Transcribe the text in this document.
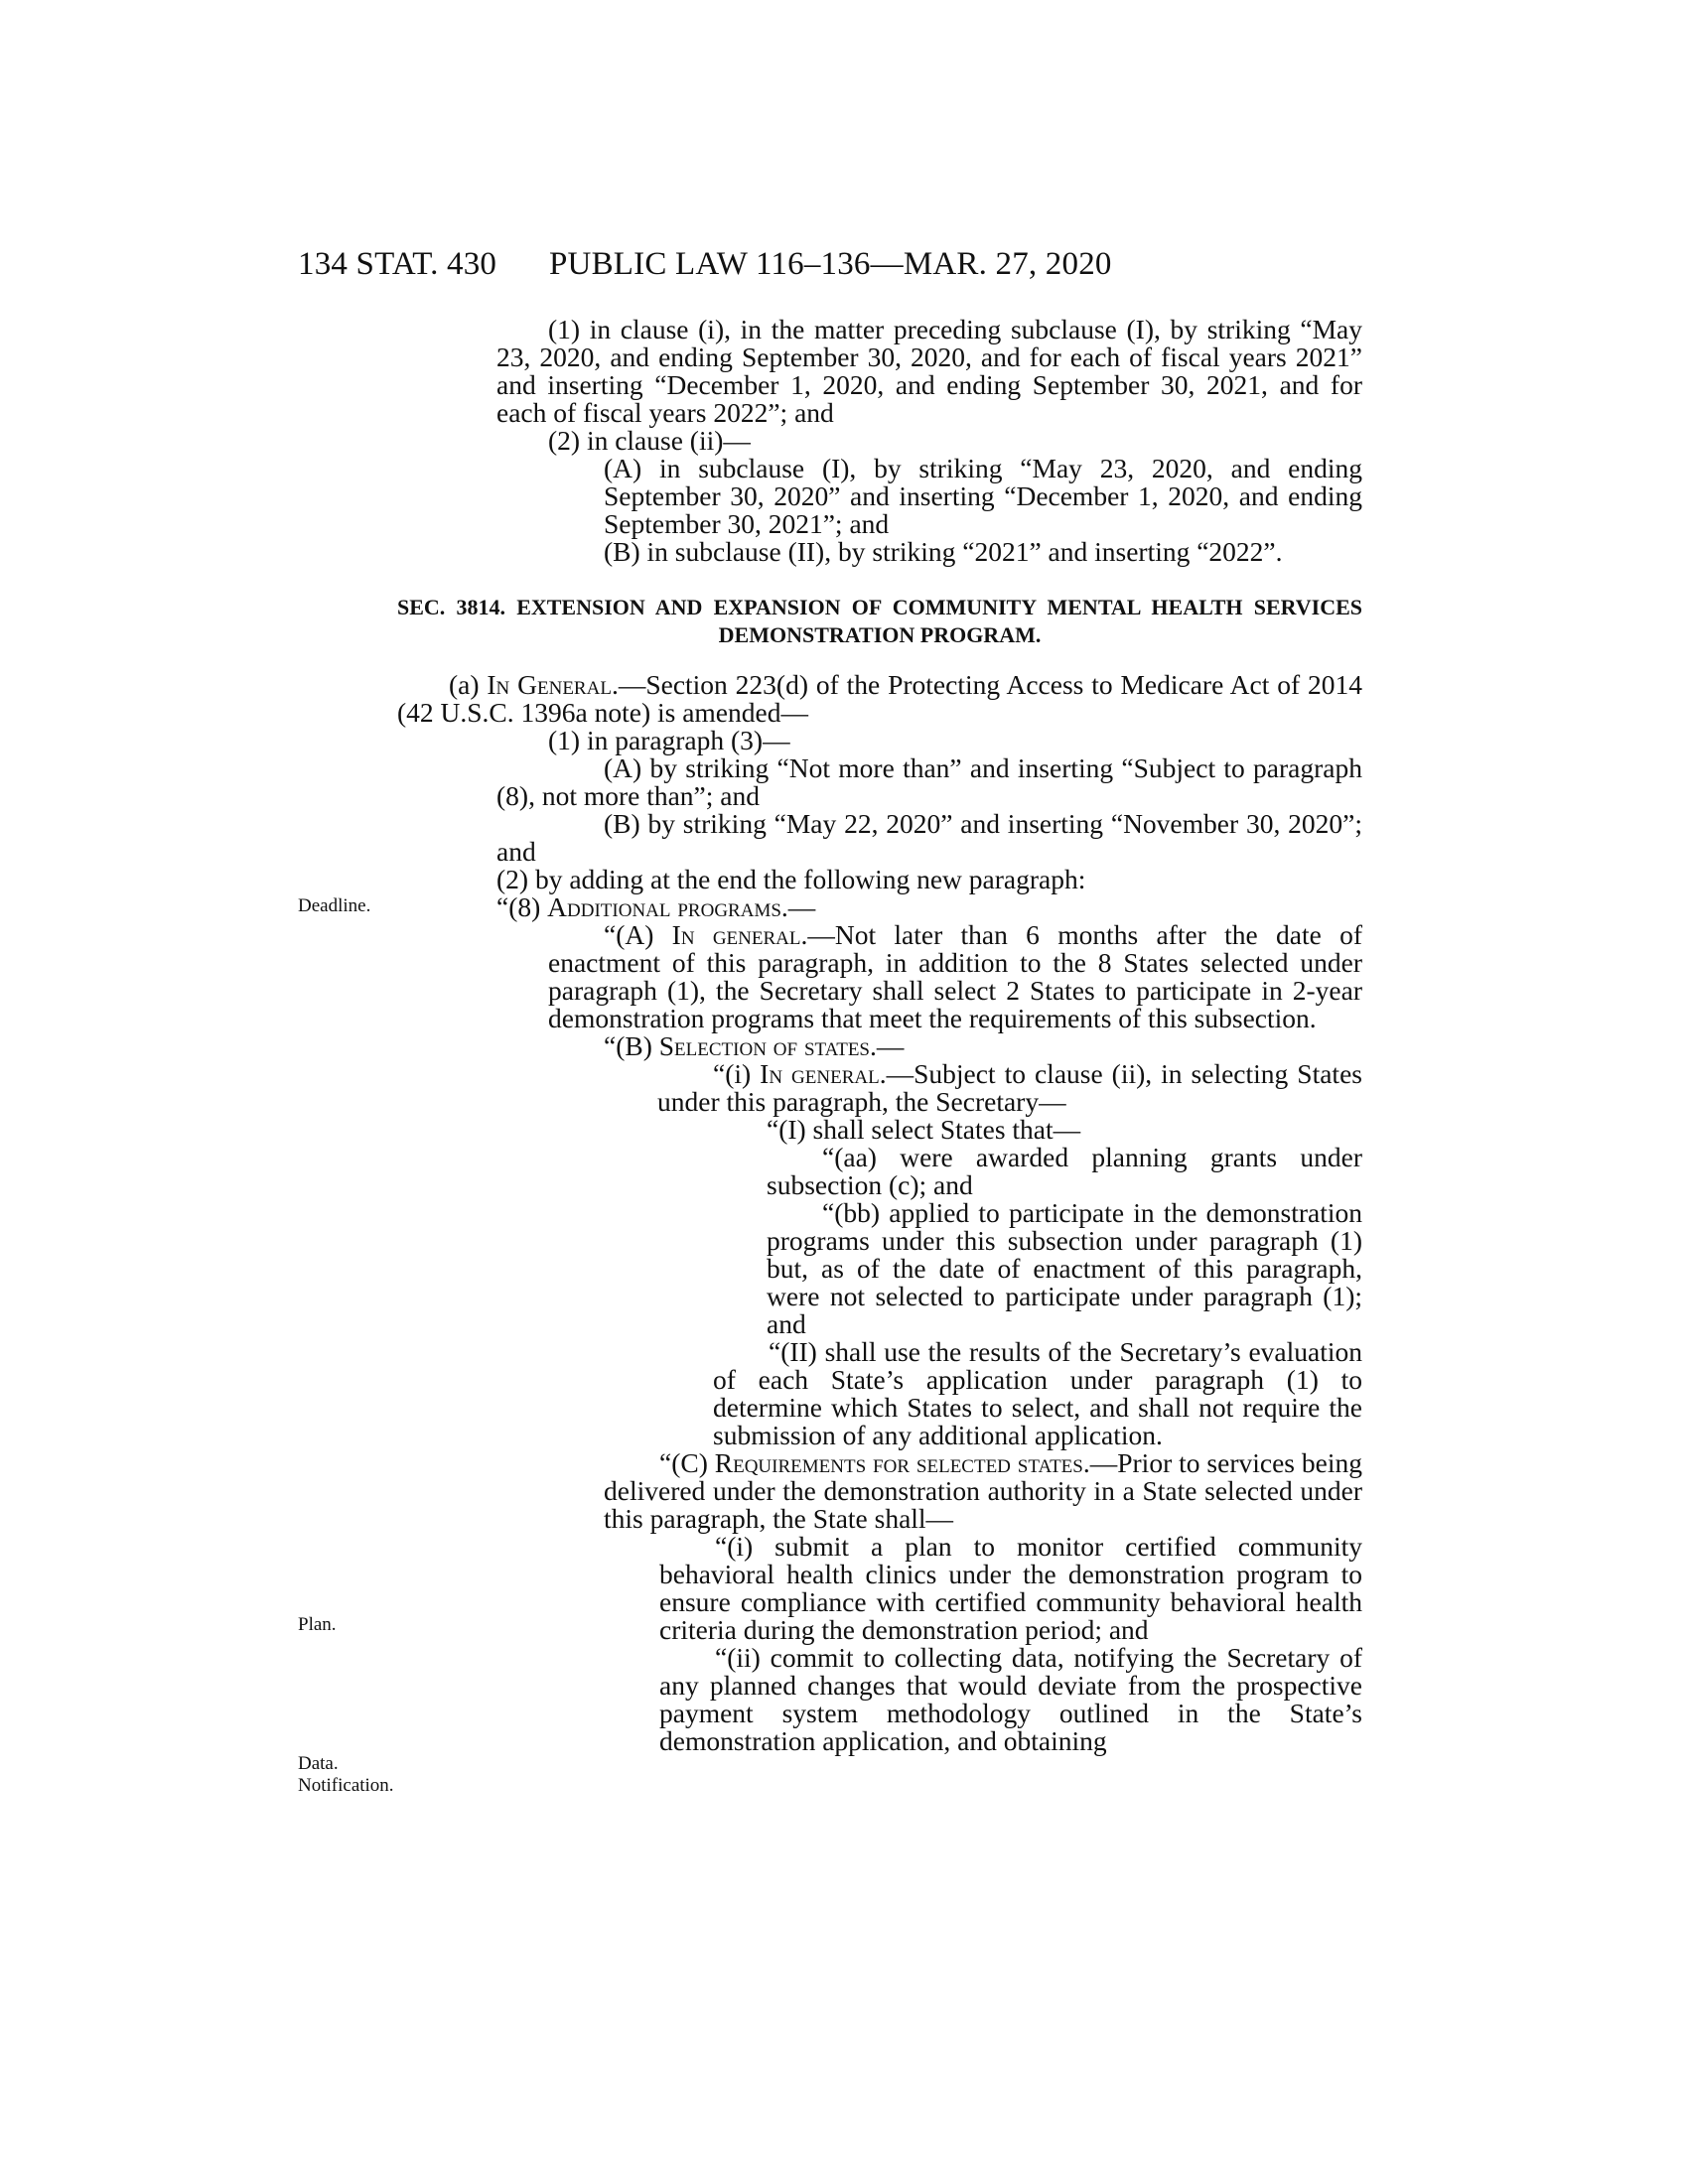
134 STAT. 430 PUBLIC LAW 116–136—MAR. 27, 2020
Deadline.
Plan.
Data.
Notification.

(1) in clause (i), in the matter preceding subclause (I), by striking “May 23, 2020, and ending September 30, 2020, and for each of fiscal years 2021” and inserting “December 1, 2020, and ending September 30, 2021, and for each of fiscal years 2022”; and

(2) in clause (ii)—

(A) in subclause (I), by striking “May 23, 2020, and ending September 30, 2020” and inserting “December 1, 2020, and ending September 30, 2021”; and

(B) in subclause (II), by striking “2021” and inserting “2022”.

SEC. 3814. EXTENSION AND EXPANSION OF COMMUNITY MENTAL HEALTH SERVICES DEMONSTRATION PROGRAM.

(a) In General.—Section 223(d) of the Protecting Access to Medicare Act of 2014 (42 U.S.C. 1396a note) is amended—

(1) in paragraph (3)—

(A) by striking “Not more than” and inserting “Subject to paragraph (8), not more than”; and

(B) by striking “May 22, 2020” and inserting “November 30, 2020”; and

(2) by adding at the end the following new paragraph:

“(8) Additional programs.—

“(A) In general.—Not later than 6 months after the date of enactment of this paragraph, in addition to the 8 States selected under paragraph (1), the Secretary shall select 2 States to participate in 2-year demonstration programs that meet the requirements of this subsection.

“(B) Selection of states.—

“(i) In general.—Subject to clause (ii), in selecting States under this paragraph, the Secretary—

“(I) shall select States that—

“(aa) were awarded planning grants under subsection (c); and

“(bb) applied to participate in the demonstration programs under this subsection under paragraph (1) but, as of the date of enactment of this paragraph, were not selected to participate under paragraph (1); and

“(II) shall use the results of the Secretary’s evaluation of each State’s application under paragraph (1) to determine which States to select, and shall not require the submission of any additional application.

“(C) Requirements for selected states.—Prior to services being delivered under the demonstration authority in a State selected under this paragraph, the State shall—

“(i) submit a plan to monitor certified community behavioral health clinics under the demonstration program to ensure compliance with certified community behavioral health criteria during the demonstration period; and

“(ii) commit to collecting data, notifying the Secretary of any planned changes that would deviate from the prospective payment system methodology outlined in the State’s demonstration application, and obtaining
